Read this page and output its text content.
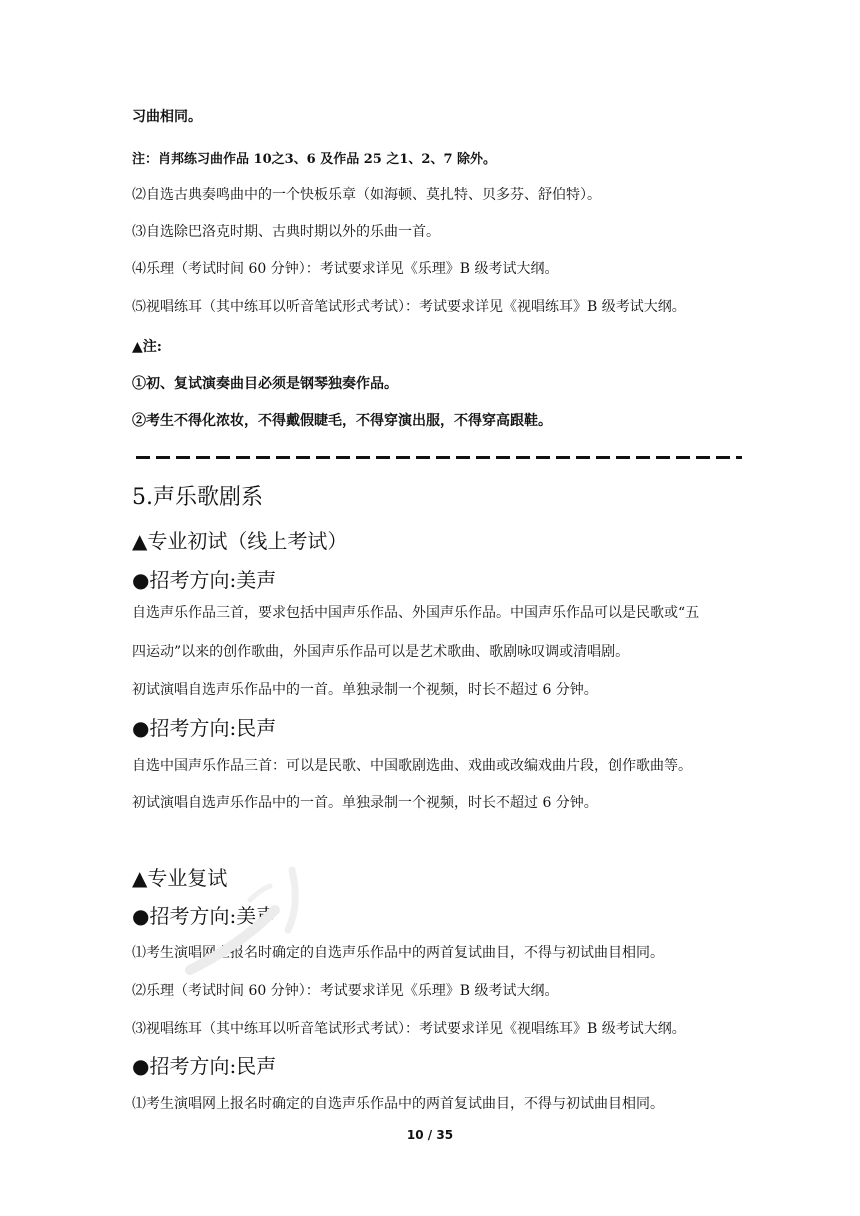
习曲相同。
注：肖邦练习曲作品 10之3、6 及作品 25 之1、2、7 除外。
⑵自选古典奏鸣曲中的一个快板乐章（如海顿、莫扎特、贝多芬、舒伯特）。
⑶自选除巴洛克时期、古典时期以外的乐曲一首。
⑷乐理（考试时间 60 分钟）：考试要求详见《乐理》B 级考试大纲。
⑸视唱练耳（其中练耳以听音笔试形式考试）：考试要求详见《视唱练耳》B 级考试大纲。
▲注:
①初、复试演奏曲目必须是钢琴独奏作品。
②考生不得化浓妆，不得戴假睫毛，不得穿演出服，不得穿高跟鞋。
5.声乐歌剧系
▲专业初试（线上考试）
●招考方向:美声
自选声乐作品三首，要求包括中国声乐作品、外国声乐作品。中国声乐作品可以是民歌或“五
四运动”以来的创作歌曲，外国声乐作品可以是艺术歌曲、歌剧咏叹调或清唱剧。
初试演唱自选声乐作品中的一首。单独录制一个视频，时长不超过 6 分钟。
●招考方向:民声
自选中国声乐作品三首：可以是民歌、中国歌剧选曲、戏曲或改编戏曲片段，创作歌曲等。
初试演唱自选声乐作品中的一首。单独录制一个视频，时长不超过 6 分钟。
▲专业复试
●招考方向:美声
⑴考生演唱网上报名时确定的自选声乐作品中的两首复试曲目，不得与初试曲目相同。
⑵乐理（考试时间 60 分钟）：考试要求详见《乐理》B 级考试大纲。
⑶视唱练耳（其中练耳以听音笔试形式考试）：考试要求详见《视唱练耳》B 级考试大纲。
●招考方向:民声
⑴考生演唱网上报名时确定的自选声乐作品中的两首复试曲目，不得与初试曲目相同。
10 / 35
